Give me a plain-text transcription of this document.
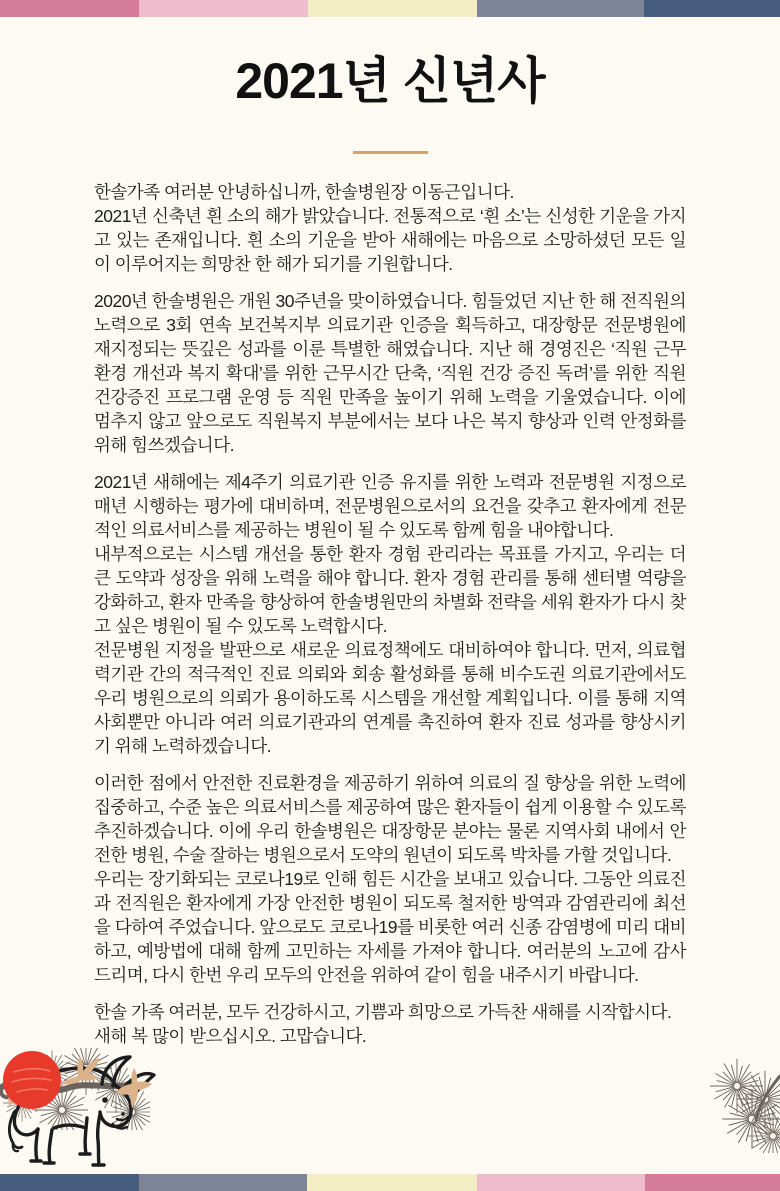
2021년 신년사

한솔가족 여러분 안녕하십니까, 한솔병원장 이동근입니다.

2021년 신축년 흰 소의 해가 밝았습니다. 전통적으로 ‘흰 소’는 신성한 기운을 가지고 있는 존재입니다. 흰 소의 기운을 받아 새해에는 마음으로 소망하셨던 모든 일이 이루어지는 희망찬 한 해가 되기를 기원합니다.

2020년 한솔병원은 개원 30주년을 맞이하였습니다. 힘들었던 지난 한 해 전직원의 노력으로 3회 연속 보건복지부 의료기관 인증을 획득하고, 대장항문 전문병원에 재지정되는 뜻깊은 성과를 이룬 특별한 해였습니다. 지난 해 경영진은 ‘직원 근무환경 개선과 복지 확대’를 위한 근무시간 단축, ‘직원 건강 증진 독려’를 위한 직원 건강증진 프로그램 운영 등 직원 만족을 높이기 위해 노력을 기울였습니다. 이에 멈추지 않고 앞으로도 직원복지 부분에서는 보다 나은 복지 향상과 인력 안정화를 위해 힘쓰겠습니다.

2021년 새해에는 제4주기 의료기관 인증 유지를 위한 노력과 전문병원 지정으로 매년 시행하는 평가에 대비하며, 전문병원으로서의 요건을 갖추고 환자에게 전문적인 의료서비스를 제공하는 병원이 될 수 있도록 함께 힘을 내야합니다.

내부적으로는 시스템 개선을 통한 환자 경험 관리라는 목표를 가지고, 우리는 더 큰 도약과 성장을 위해 노력을 해야 합니다. 환자 경험 관리를 통해 센터별 역량을 강화하고, 환자 만족을 향상하여 한솔병원만의 차별화 전략을 세워 환자가 다시 찾고 싶은 병원이 될 수 있도록 노력합시다.

전문병원 지정을 발판으로 새로운 의료정책에도 대비하여야 합니다. 먼저, 의료협력기관 간의 적극적인 진료 의뢰와 회송 활성화를 통해 비수도권 의료기관에서도 우리 병원으로의 의뢰가 용이하도록 시스템을 개선할 계획입니다. 이를 통해 지역사회뿐만 아니라 여러 의료기관과의 연계를 촉진하여 환자 진료 성과를 향상시키기 위해 노력하겠습니다.

이러한 점에서 안전한 진료환경을 제공하기 위하여 의료의 질 향상을 위한 노력에 집중하고, 수준 높은 의료서비스를 제공하여 많은 환자들이 쉽게 이용할 수 있도록 추진하겠습니다. 이에 우리 한솔병원은 대장항문 분야는 물론 지역사회 내에서 안전한 병원, 수술 잘하는 병원으로서 도약의 원년이 되도록 박차를 가할 것입니다.

우리는 장기화되는 코로나19로 인해 힘든 시간을 보내고 있습니다. 그동안 의료진과 전직원은 환자에게 가장 안전한 병원이 되도록 철저한 방역과 감염관리에 최선을 다하여 주었습니다. 앞으로도 코로나19를 비롯한 여러 신종 감염병에 미리 대비하고, 예방법에 대해 함께 고민하는 자세를 가져야 합니다. 여러분의 노고에 감사드리며, 다시 한번 우리 모두의 안전을 위하여 같이 힘을 내주시기 바랍니다.

한솔 가족 여러분, 모두 건강하시고, 기쁨과 희망으로 가득찬 새해를 시작합시다.

새해 복 많이 받으십시오. 고맙습니다.
